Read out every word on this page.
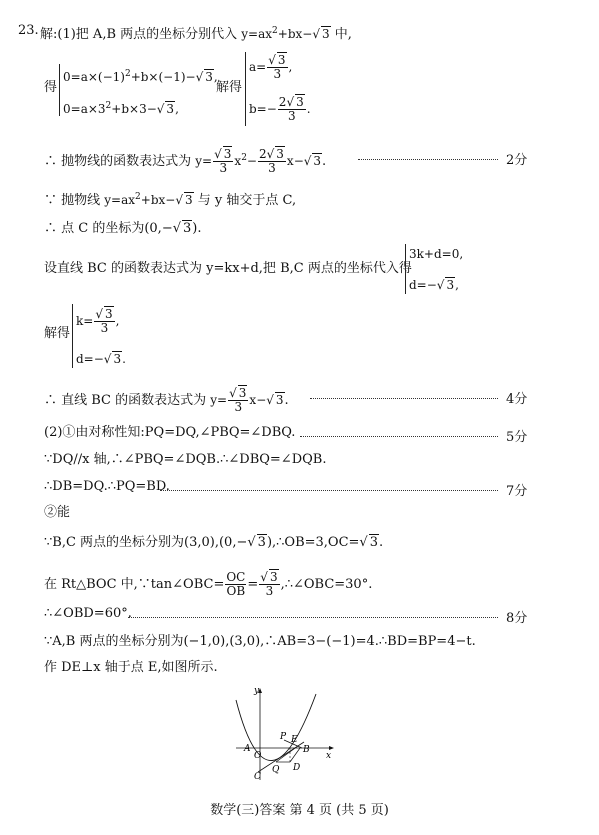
23. 解:(1)把 A,B 两点的坐标分别代入 $y=ax^2+bx-√$ 3 中,
得
$0=a\times(-1)^2+b\times(-1)-√$ 3,
$0=a\times 3^2+b\times 3-√$ 3,
解得
$a= \frac{√ 3}{3}$ ,
$b=- \frac{2√ 3}{3}$ .
∴ 抛物线的函数表达式为 $y= \frac{√ 3}{3} x^2- \frac{2√ 3}{3} x-√$ 3.	2分
∵ 抛物线 $y=ax^2+bx-√$ 3 与 y 轴交于点 C,
∴ 点 C 的坐标为(0,−√ 3).
设直线 BC 的函数表达式为 y=kx+d,把 B,C 两点的坐标代入得
3k+d=0,
d=−√ 3,
解得
$k= \frac{√ 3}{3}$ ,
d=−√ 3.
∴ 直线 BC 的函数表达式为 $y= \frac{√ 3}{3} x-√$ 3.	4分
(2)①由对称性知:PQ=DQ,∠PBQ=∠DBQ.	5分
∵DQ//x 轴,∴∠PBQ=∠DQB.∴∠DBQ=∠DQB.
∴DB=DQ.∴PQ=BD.	7分
②能
∵B,C 两点的坐标分别为(3,0),(0,−√ 3),∴OB=3,OC=√ 3.
在 Rt△BOC 中,∵tan∠OBC= $\frac{OC}{OB} = \frac{√ 3}{3}$ ,∴∠OBC=30°.
∴∠OBD=60°.	8分
∵A,B 两点的坐标分别为(−1,0),(3,0),∴AB=3−(−1)=4.∴BD=BP=4−t.
作 DE⊥x 轴于点 E,如图所示.
y
x
A
O
P E
B
Q D
C
数学(三)答案 第 4 页 (共 5 页)
